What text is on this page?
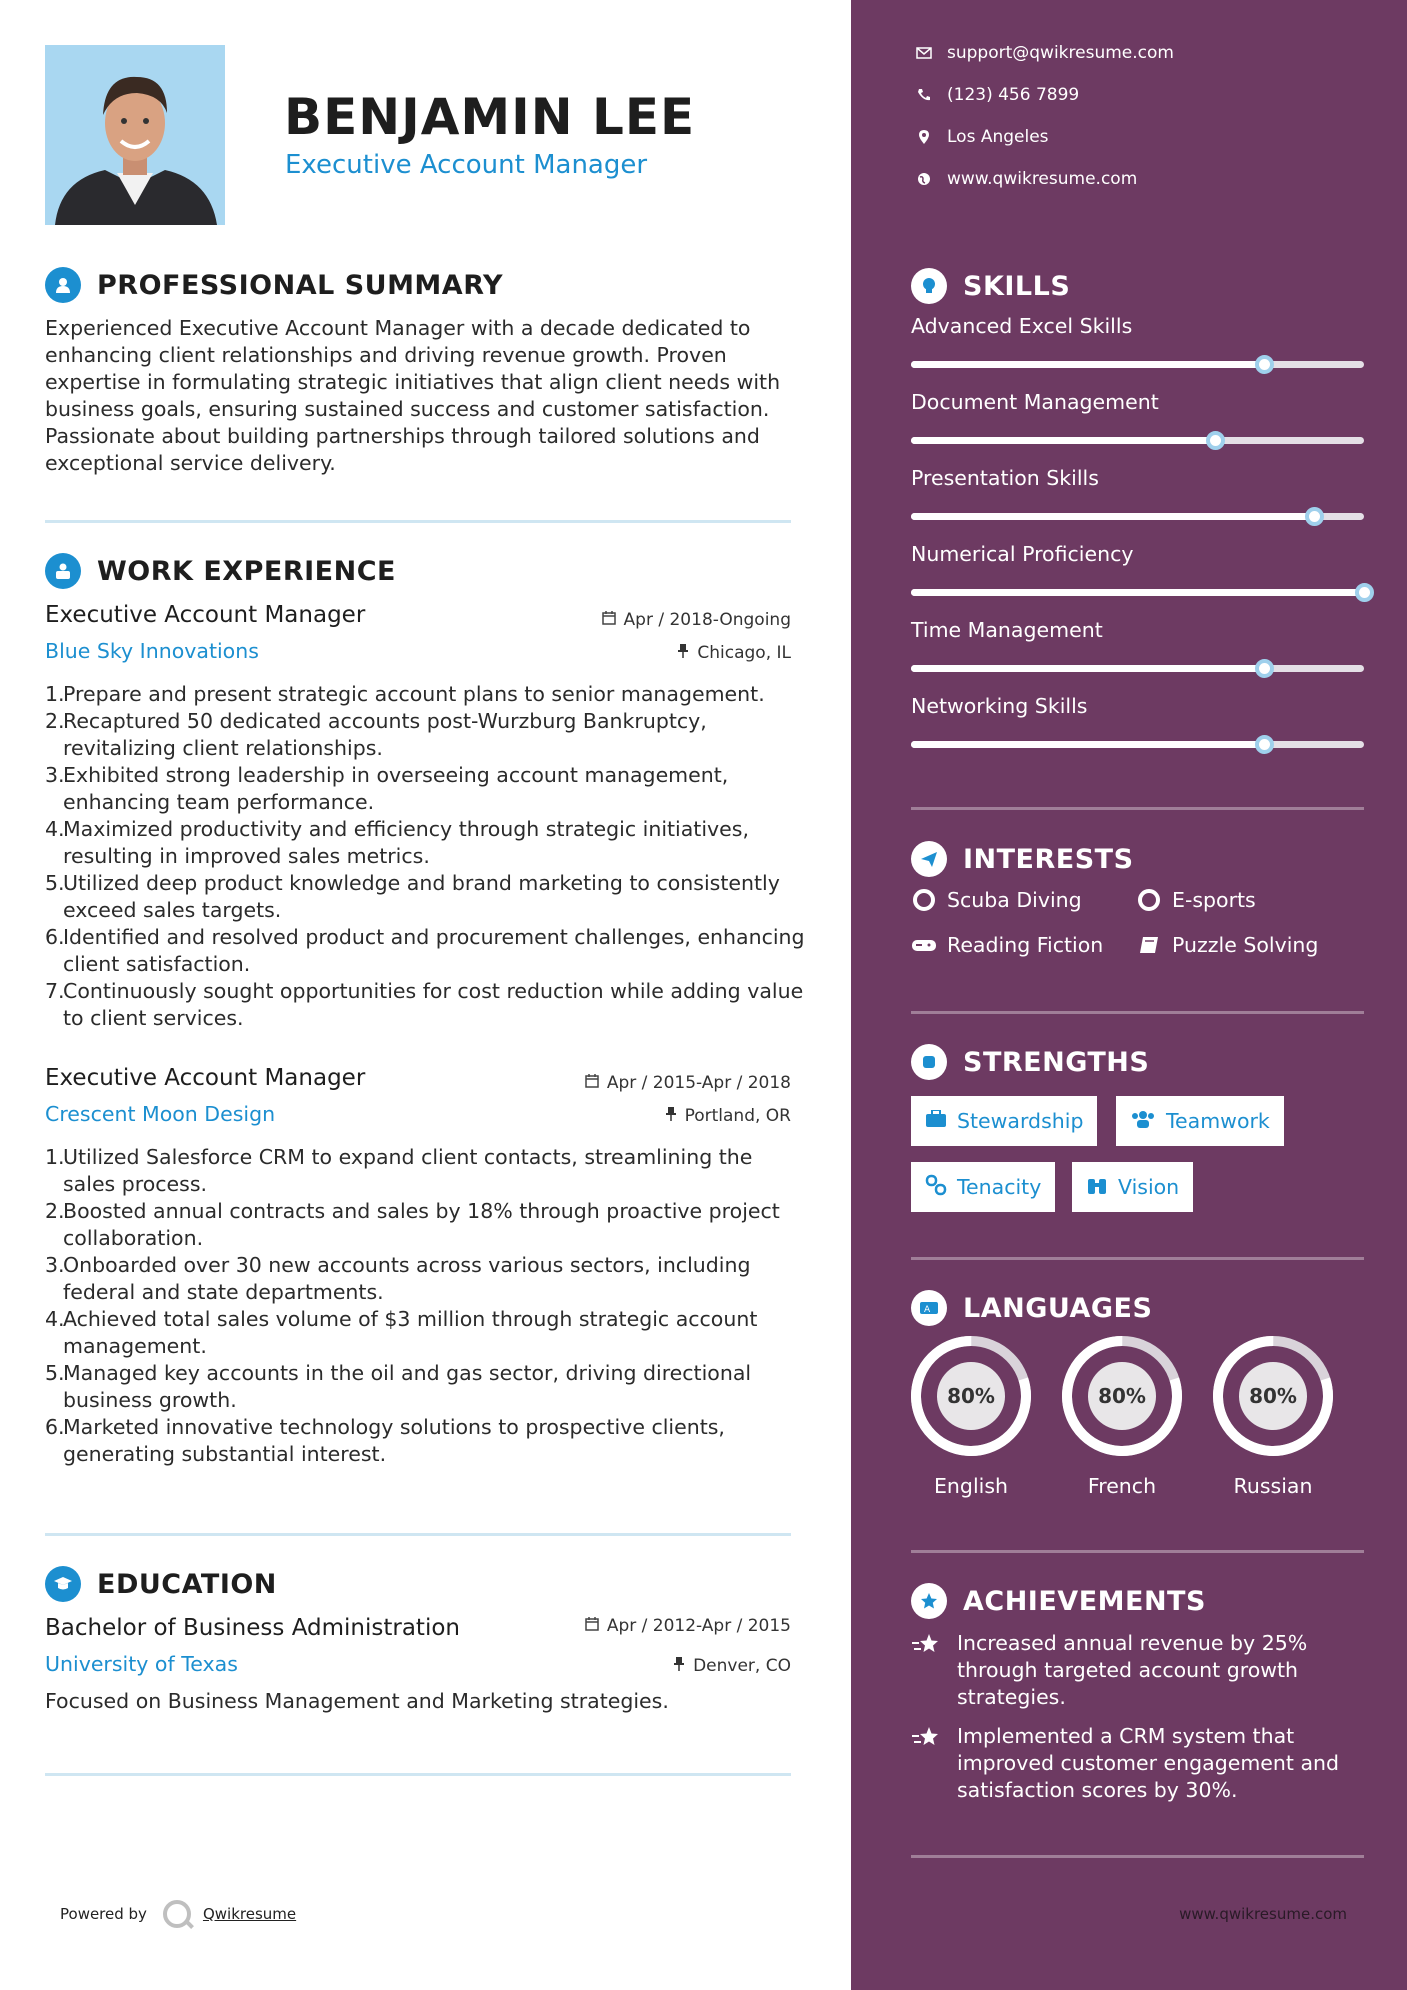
BENJAMIN LEE
Executive Account Manager
PROFESSIONAL SUMMARY
Experienced Executive Account Manager with a decade dedicated to enhancing client relationships and driving revenue growth. Proven expertise in formulating strategic initiatives that align client needs with business goals, ensuring sustained success and customer satisfaction. Passionate about building partnerships through tailored solutions and exceptional service delivery.
WORK EXPERIENCE
Executive Account Manager	Apr / 2018-Ongoing
Blue Sky Innovations	Chicago, IL
1.
Prepare and present strategic account plans to senior management.
2.
Recaptured 50 dedicated accounts post-Wurzburg Bankruptcy, revitalizing client relationships.
3.
Exhibited strong leadership in overseeing account management, enhancing team performance.
4.
Maximized productivity and efficiency through strategic initiatives, resulting in improved sales metrics.
5.
Utilized deep product knowledge and brand marketing to consistently exceed sales targets.
6.
Identified and resolved product and procurement challenges, enhancing client satisfaction.
7.
Continuously sought opportunities for cost reduction while adding value to client services.
Executive Account Manager	Apr / 2015-Apr / 2018
Crescent Moon Design	Portland, OR
1.
Utilized Salesforce CRM to expand client contacts, streamlining the sales process.
2.
Boosted annual contracts and sales by 18% through proactive project collaboration.
3.
Onboarded over 30 new accounts across various sectors, including federal and state departments.
4.
Achieved total sales volume of $3 million through strategic account management.
5.
Managed key accounts in the oil and gas sector, driving directional business growth.
6.
Marketed innovative technology solutions to prospective clients, generating substantial interest.
EDUCATION
Bachelor of Business Administration	Apr / 2012-Apr / 2015
University of Texas	Denver, CO
Focused on Business Management and Marketing strategies.
Powered by	Qwikresume
support@qwikresume.com
(123) 456 7899
Los Angeles
www.qwikresume.com
SKILLS
Advanced Excel Skills
Document Management
Presentation Skills
Numerical Proficiency
Time Management
Networking Skills
INTERESTS
Scuba Diving	E-sports
Reading Fiction	Puzzle Solving
STRENGTHS
Stewardship	Teamwork
Tenacity	Vision
A LANGUAGES
80%
English
80%
French
80%
Russian
ACHIEVEMENTS
Increased annual revenue by 25% through targeted account growth strategies.
Implemented a CRM system that improved customer engagement and satisfaction scores by 30%.
www.qwikresume.com
